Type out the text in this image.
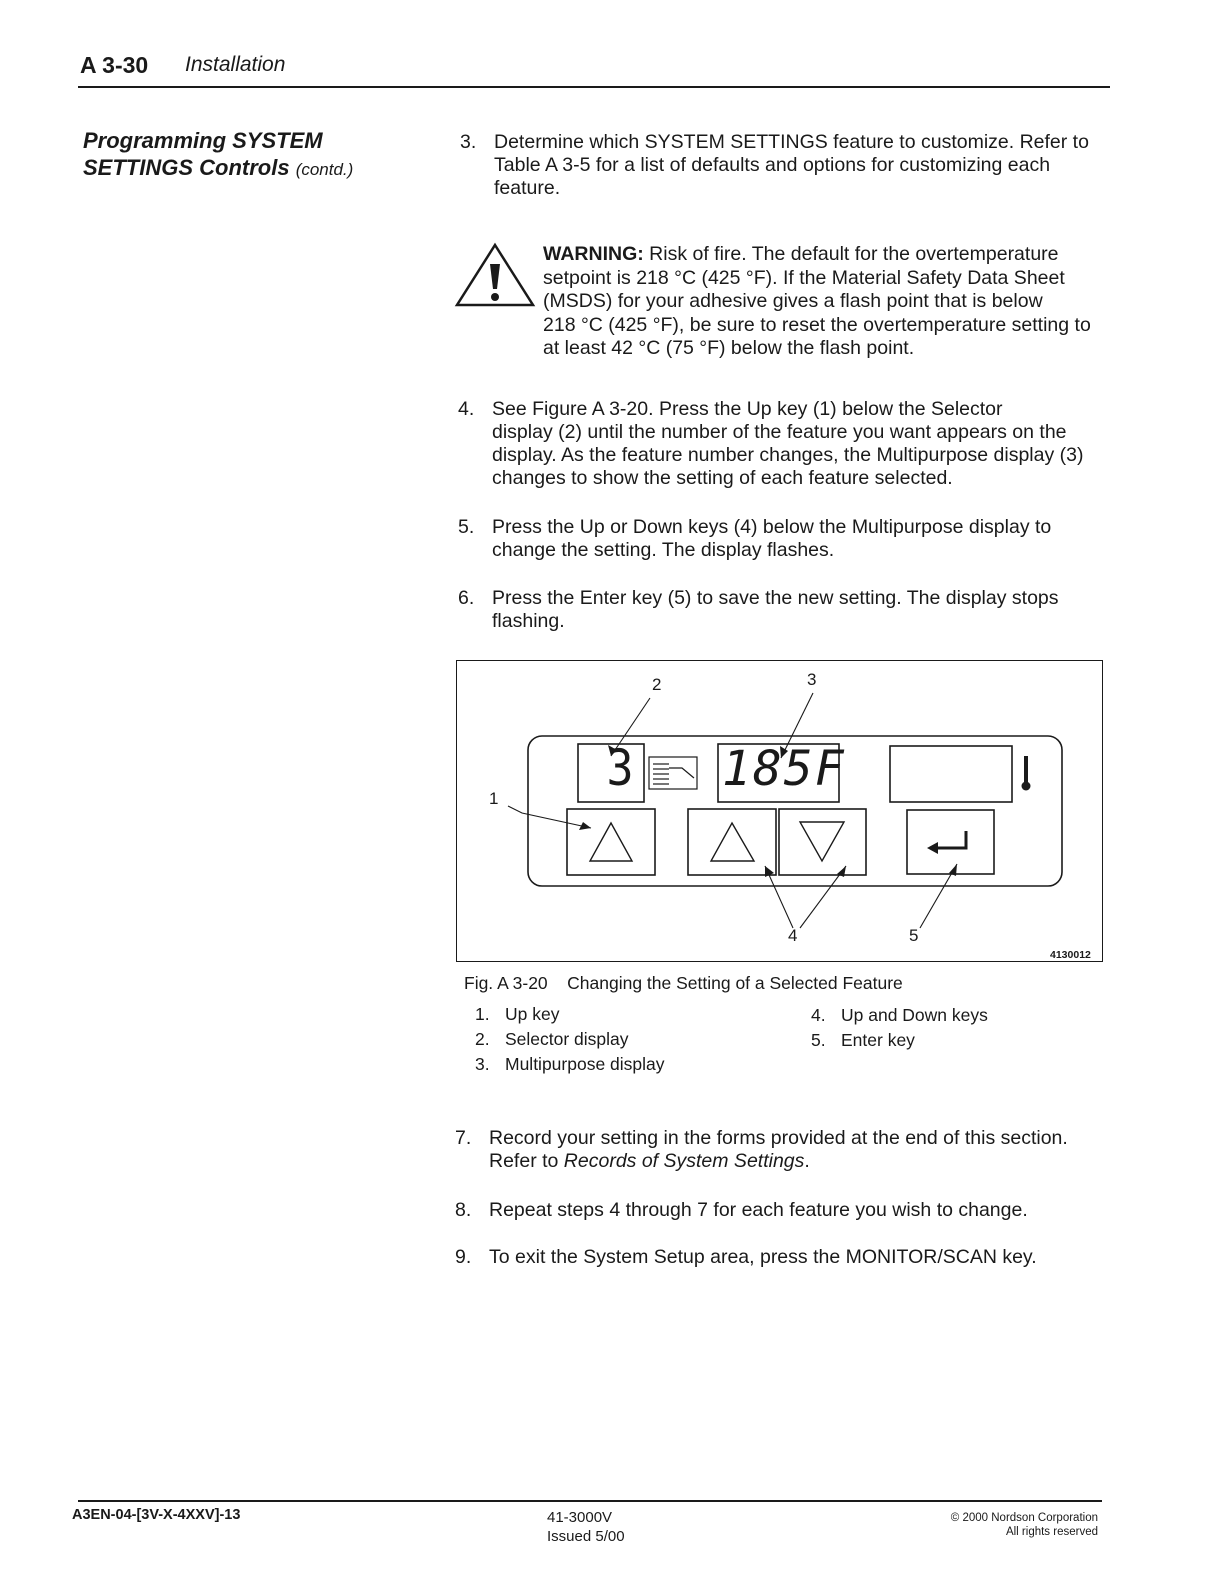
A 3-30 Installation
Programming SYSTEM
SETTINGS Controls (contd.)
3. Determine which SYSTEM SETTINGS feature to customize. Refer to
Table A 3-5 for a list of defaults and options for customizing each
feature.
WARNING: Risk of fire. The default for the overtemperature
setpoint is 218 °C (425 °F). If the Material Safety Data Sheet
(MSDS) for your adhesive gives a flash point that is below
218 °C (425 °F), be sure to reset the overtemperature setting to
at least 42 °C (75 °F) below the flash point.
4. See Figure A 3-20. Press the Up key (1) below the Selector
display (2) until the number of the feature you want appears on the
display. As the feature number changes, the Multipurpose display (3)
changes to show the setting of each feature selected.
5. Press the Up or Down keys (4) below the Multipurpose display to
change the setting. The display flashes.
6. Press the Enter key (5) to save the new setting. The display stops
flashing.
2	3
1
4	5
3 185F
4130012
Fig. A 3-20 Changing the Setting of a Selected Feature
1. Up key
2. Selector display
3. Multipurpose display
4. Up and Down keys
5. Enter key
7. Record your setting in the forms provided at the end of this section.
Refer to Records of System Settings.
8. Repeat steps 4 through 7 for each feature you wish to change.
9. To exit the System Setup area, press the MONITOR/SCAN key.
A3EN-04-[3V-X-4XXV]-13	41-3000V
Issued 5/00
© 2000 Nordson Corporation
All rights reserved
